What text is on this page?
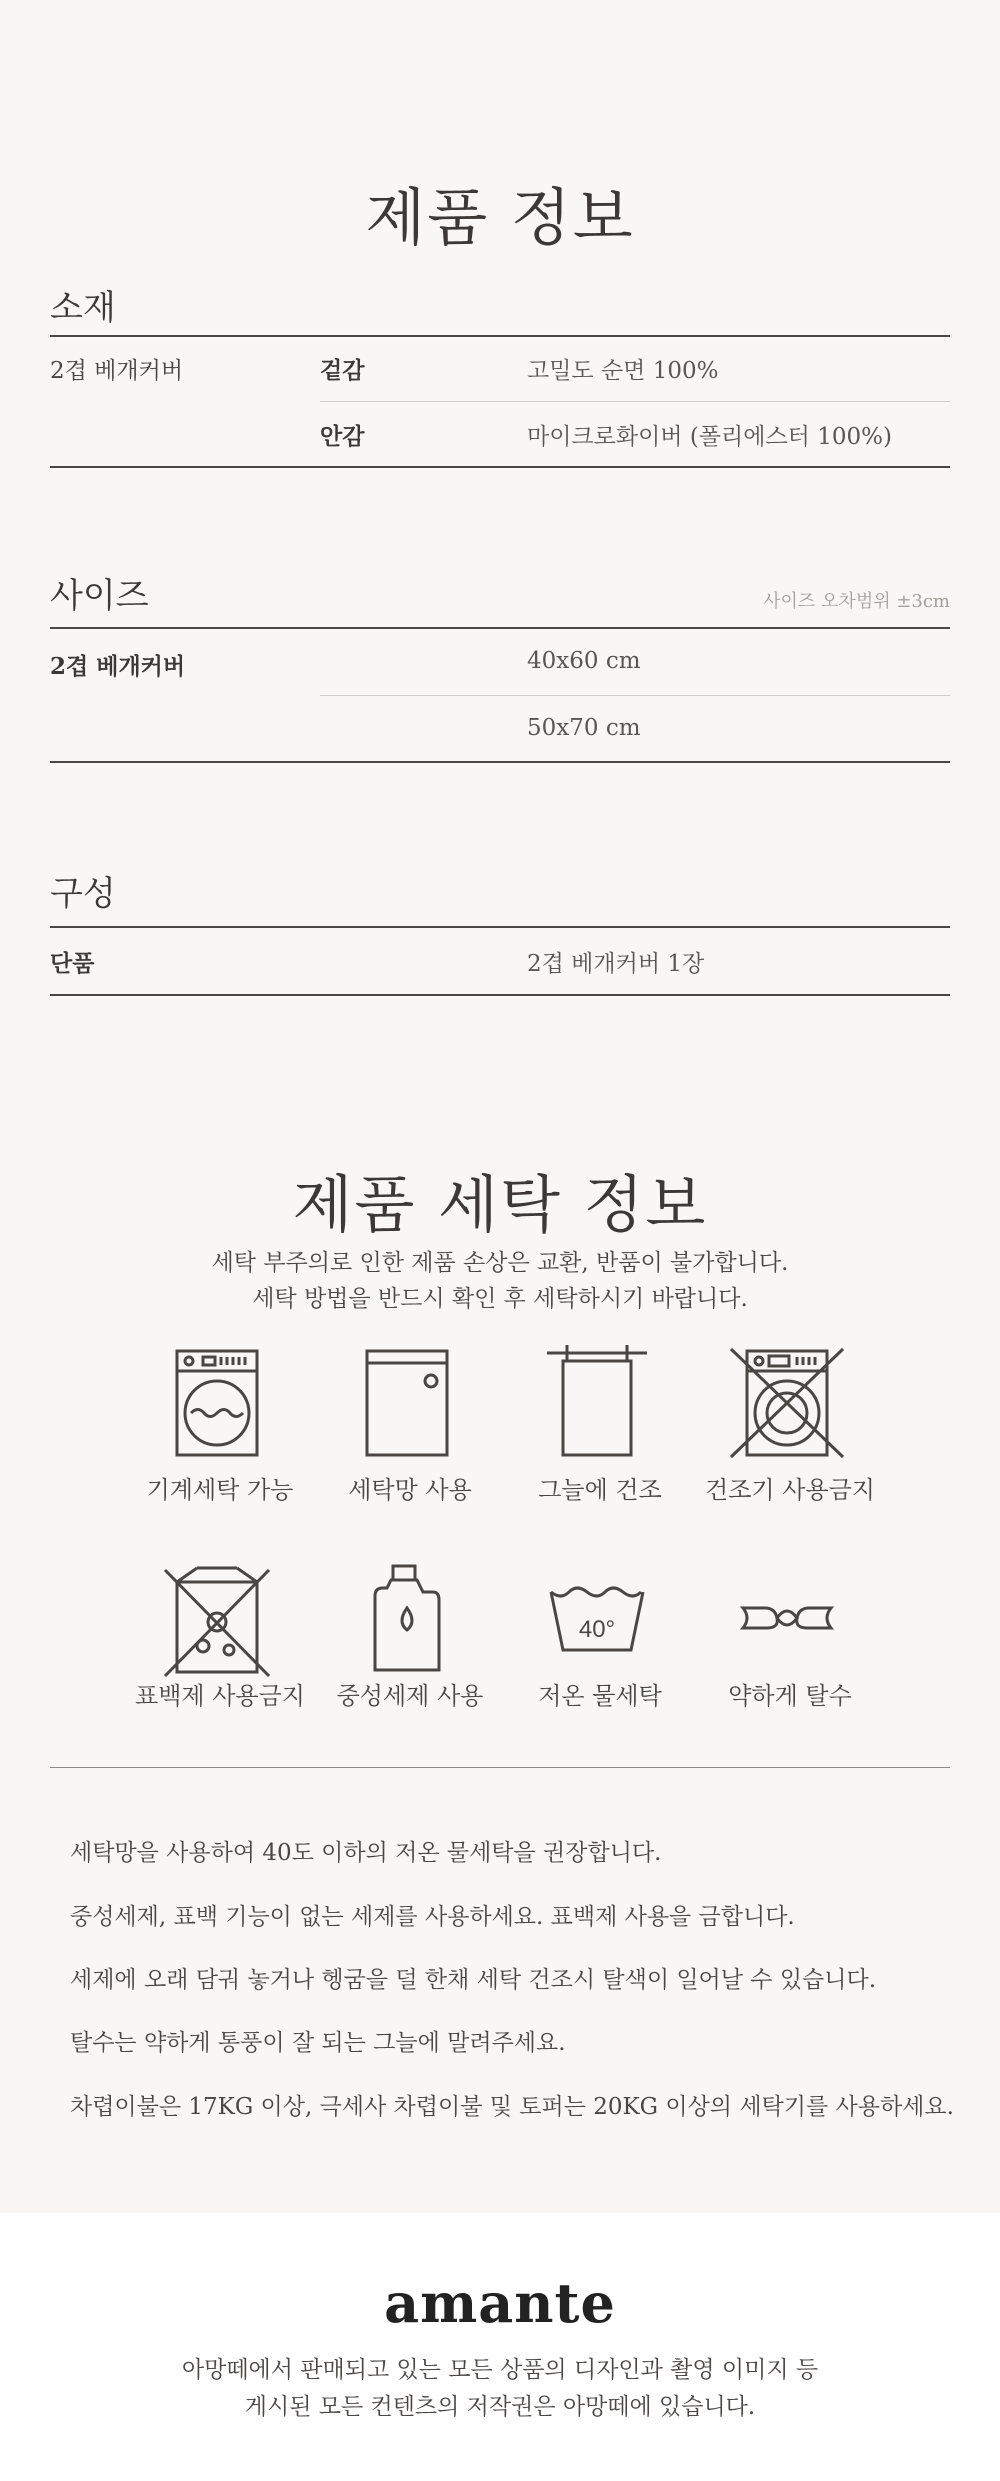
제품 정보
소재
2겹 베개커버	겉감	고밀도 순면 100%
안감	마이크로화이버 (폴리에스터 100%)
사이즈	사이즈 오차범위 ±3cm
2겹 베개커버	40x60 cm
50x70 cm
구성
단품	2겹 베개커버 1장
제품 세탁 정보
세탁 부주의로 인한 제품 손상은 교환, 반품이 불가합니다.
세탁 방법을 반드시 확인 후 세탁하시기 바랍니다.
기계세탁 가능	세탁망 사용	그늘에 건조	건조기 사용금지
40°
표백제 사용금지	중성세제 사용	저온 물세탁	약하게 탈수
세탁망을 사용하여 40도 이하의 저온 물세탁을 권장합니다.
중성세제, 표백 기능이 없는 세제를 사용하세요. 표백제 사용을 금합니다.
세제에 오래 담궈 놓거나 헹굼을 덜 한채 세탁 건조시 탈색이 일어날 수 있습니다.
탈수는 약하게 통풍이 잘 되는 그늘에 말려주세요.
차렵이불은 17KG 이상, 극세사 차렵이불 및 토퍼는 20KG 이상의 세탁기를 사용하세요.
amante
아망떼에서 판매되고 있는 모든 상품의 디자인과 촬영 이미지 등
게시된 모든 컨텐츠의 저작권은 아망떼에 있습니다.
